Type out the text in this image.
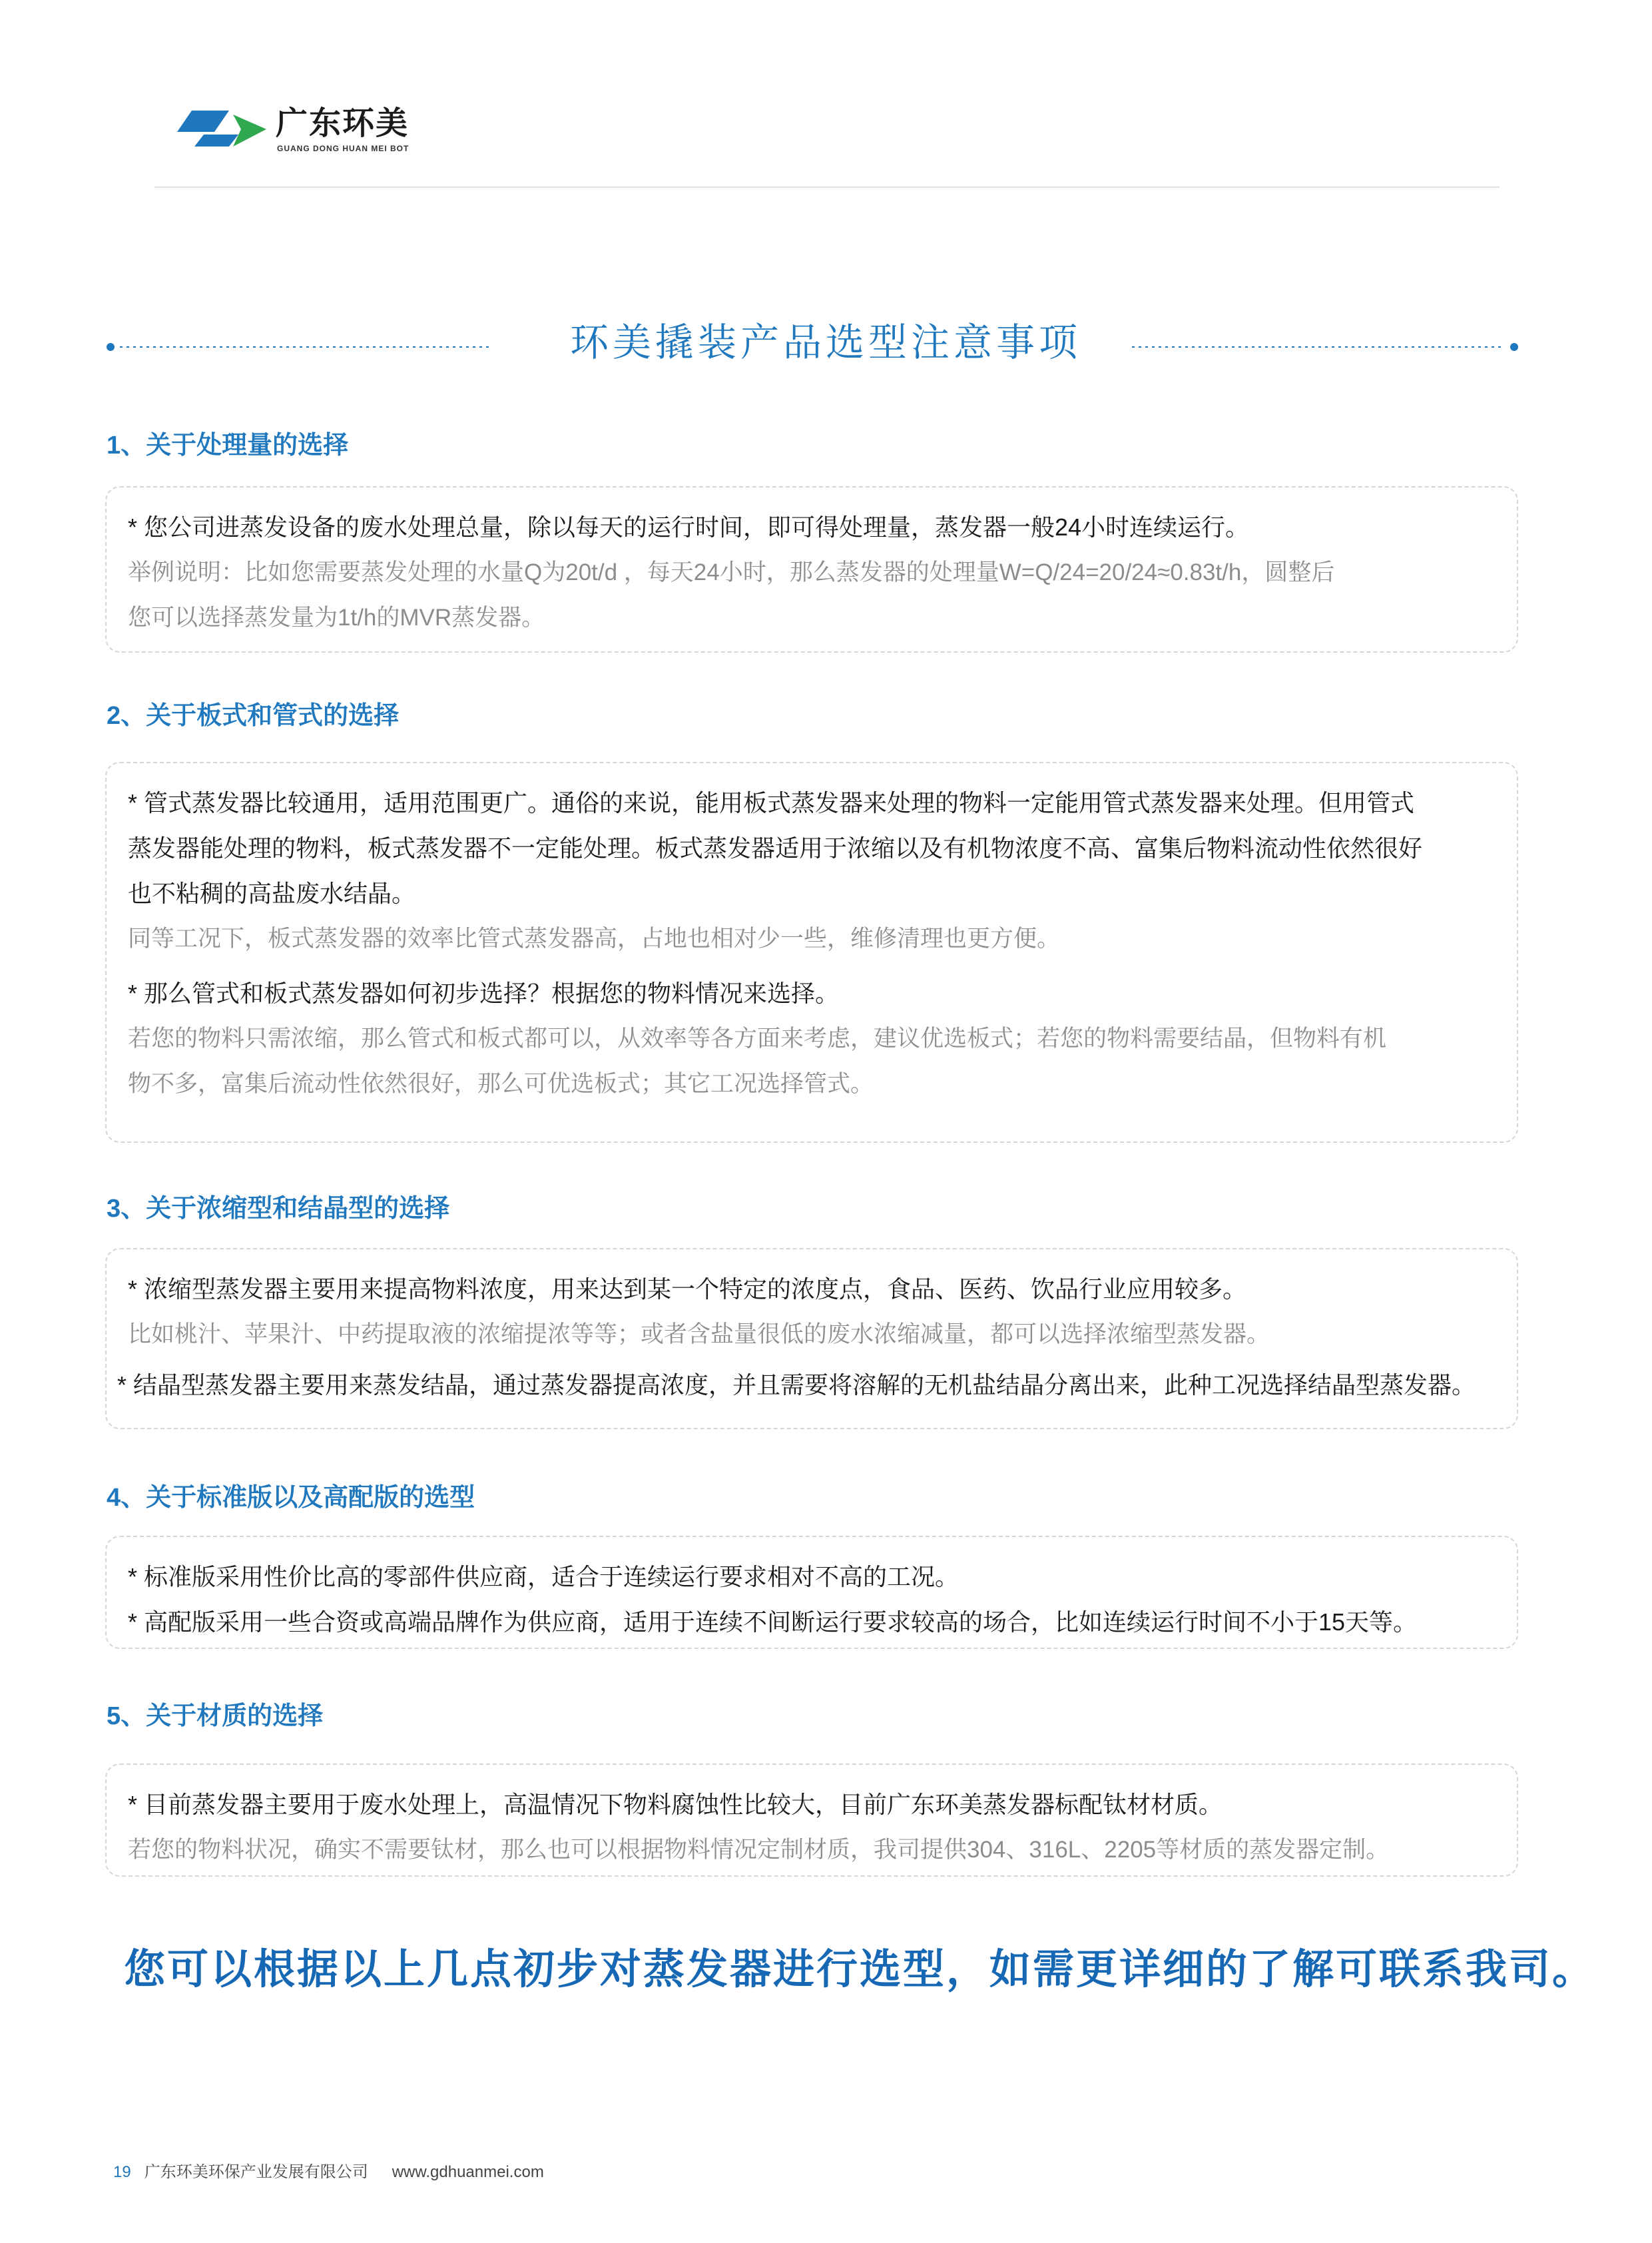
广东环美
GUANG DONG HUAN MEI BOT
环美撬装产品选型注意事项
1、关于处理量的选择

* 您公司进蒸发设备的废水处理总量，除以每天的运行时间，即可得处理量，蒸发器一般24小时连续运行。

举例说明：比如您需要蒸发处理的水量Q为20t/d ，每天24小时，那么蒸发器的处理量W=Q/24=20/24≈0.83t/h，圆整后

您可以选择蒸发量为1t/h的MVR蒸发器。

2、关于板式和管式的选择

* 管式蒸发器比较通用，适用范围更广。通俗的来说，能用板式蒸发器来处理的物料一定能用管式蒸发器来处理。但用管式

蒸发器能处理的物料，板式蒸发器不一定能处理。板式蒸发器适用于浓缩以及有机物浓度不高、富集后物料流动性依然很好

也不粘稠的高盐废水结晶。

同等工况下，板式蒸发器的效率比管式蒸发器高，占地也相对少一些，维修清理也更方便。

* 那么管式和板式蒸发器如何初步选择？根据您的物料情况来选择。

若您的物料只需浓缩，那么管式和板式都可以，从效率等各方面来考虑，建议优选板式；若您的物料需要结晶，但物料有机

物不多，富集后流动性依然很好，那么可优选板式；其它工况选择管式。

3、关于浓缩型和结晶型的选择

* 浓缩型蒸发器主要用来提高物料浓度，用来达到某一个特定的浓度点，食品、医药、饮品行业应用较多。

比如桃汁、苹果汁、中药提取液的浓缩提浓等等；或者含盐量很低的废水浓缩减量，都可以选择浓缩型蒸发器。

* 结晶型蒸发器主要用来蒸发结晶，通过蒸发器提高浓度，并且需要将溶解的无机盐结晶分离出来，此种工况选择结晶型蒸发器。

4、关于标准版以及高配版的选型

* 标准版采用性价比高的零部件供应商，适合于连续运行要求相对不高的工况。

* 高配版采用一些合资或高端品牌作为供应商，适用于连续不间断运行要求较高的场合，比如连续运行时间不小于15天等。

5、关于材质的选择

* 目前蒸发器主要用于废水处理上，高温情况下物料腐蚀性比较大，目前广东环美蒸发器标配钛材材质。

若您的物料状况，确实不需要钛材，那么也可以根据物料情况定制材质，我司提供304、316L、2205等材质的蒸发器定制。

您可以根据以上几点初步对蒸发器进行选型，如需更详细的了解可联系我司。
19 广东环美环保产业发展有限公司 www.gdhuanmei.com
